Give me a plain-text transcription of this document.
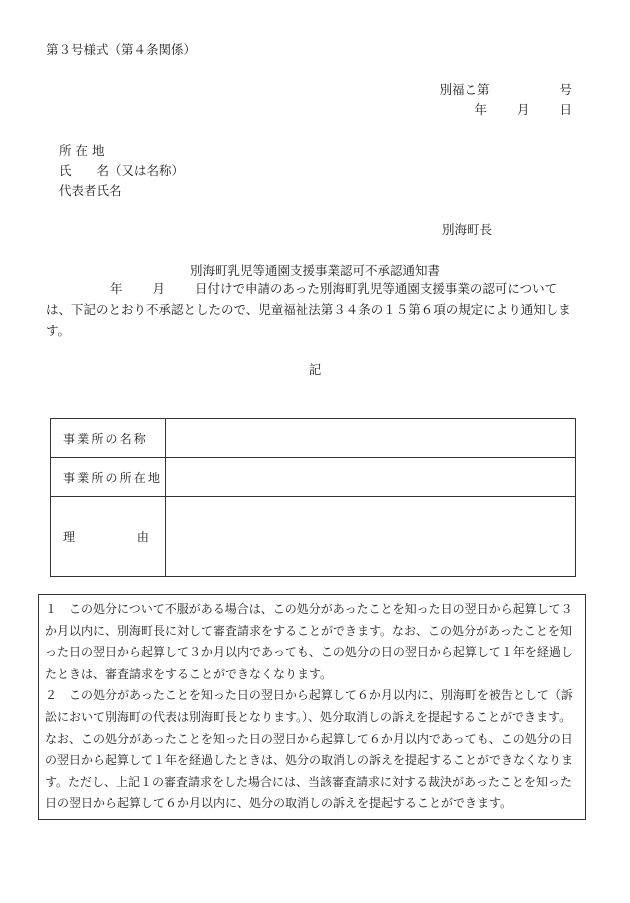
第３号様式（第４条関係）
別福こ第	号
年 月 日
所 在 地
氏　　名（又は名称）
代表者氏名
別海町長
別海町乳児等通園支援事業認可不承認通知書
年 月 日付けで申請のあった別海町乳児等通園支援事業の認可については、下記のとおり不承認としたので、児童福祉法第３４条の１５第６項の規定により通知します。
記
事業所の名称	
事業所の所在地	

理 由	

１　この処分について不服がある場合は、この処分があったことを知った日の翌日から起算して３か月以内に、別海町長に対して審査請求をすることができます。なお、この処分があったことを知った日の翌日から起算して３か月以内であっても、この処分の日の翌日から起算して１年を経過したときは、審査請求をすることができなくなります。

２　この処分があったことを知った日の翌日から起算して６か月以内に、別海町を被告として（訴訟において別海町の代表は別海町長となります。）、処分取消しの訴えを提起することができます。なお、この処分があったことを知った日の翌日から起算して６か月以内であっても、この処分の日の翌日から起算して１年を経過したときは、処分の取消しの訴えを提起することができなくなります。ただし、上記１の審査請求をした場合には、当該審査請求に対する裁決があったことを知った日の翌日から起算して６か月以内に、処分の取消しの訴えを提起することができます。
